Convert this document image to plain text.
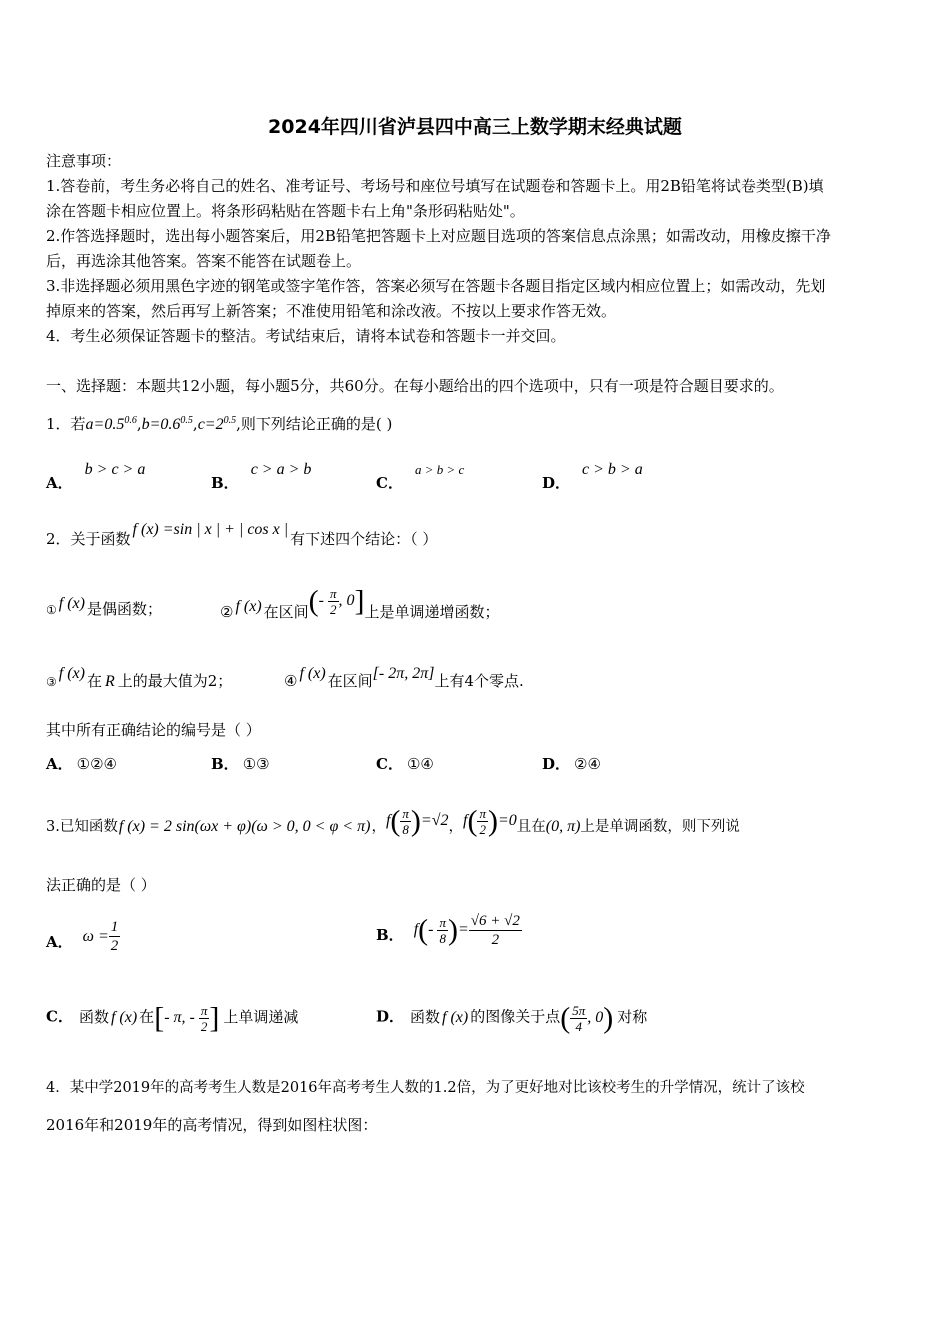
2024年四川省泸县四中高三上数学期末经典试题
注意事项：
1.答卷前，考生务必将自己的姓名、准考证号、考场号和座位号填写在试题卷和答题卡上。用2B铅笔将试卷类型(B)填
涂在答题卡相应位置上。将条形码粘贴在答题卡右上角"条形码粘贴处"。
2.作答选择题时，选出每小题答案后，用2B铅笔把答题卡上对应题目选项的答案信息点涂黑；如需改动，用橡皮擦干净
后，再选涂其他答案。答案不能答在试题卷上。
3.非选择题必须用黑色字迹的钢笔或签字笔作答，答案必须写在答题卡各题目指定区域内相应位置上；如需改动，先划
掉原来的答案，然后再写上新答案；不准使用铅笔和涂改液。不按以上要求作答无效。
4．考生必须保证答题卡的整洁。考试结束后，请将本试卷和答题卡一并交回。
一、选择题：本题共12小题，每小题5分，共60分。在每小题给出的四个选项中，只有一项是符合题目要求的。
1．若$a=0.5^{0.6},b=0.6^{0.5},c=2^{0.5}$,则下列结论正确的是( )
A．b > c > a
B．c > a > b
C．a > b > c
D．c > b > a
2．关于函数f (x) =sin | x | + | cos x |有下述四个结论：（ ）
① f (x) 是偶函数；	② f (x) 在区间(- $\frac{\pi}{2}$ , 0]上是单调递增函数；
③ f (x) 在 R 上的最大值为2；	④ f (x) 在区间[- 2π, 2π]上有4个零点.
其中所有正确结论的编号是（ ）
A． ①②④	B． ①③	C． ①④	D． ②④
3.已知函数f (x) = 2 sin(ωx + φ)(ω > 0, 0 < φ < π)，$f( \frac{\pi}{8} )=√2$，$f( \frac{\pi}{2} )=0$且在(0, π)上是单调函数，则下列说
法正确的是（ ）
A． $\omega = \frac{1}{2}$	B． $f(- \frac{\pi}{8}$ )= $\frac{√6 + √2}{2}$
C． 函数 f (x) 在[- π, - $\frac{\pi}{2}$ ] 上单调递减	D． 函数 f (x) 的图像关于点( $\frac{5\pi}{4}$ , 0) 对称
4．某中学2019年的高考考生人数是2016年高考考生人数的1.2倍，为了更好地对比该校考生的升学情况，统计了该校
2016年和2019年的高考情况，得到如图柱状图：
